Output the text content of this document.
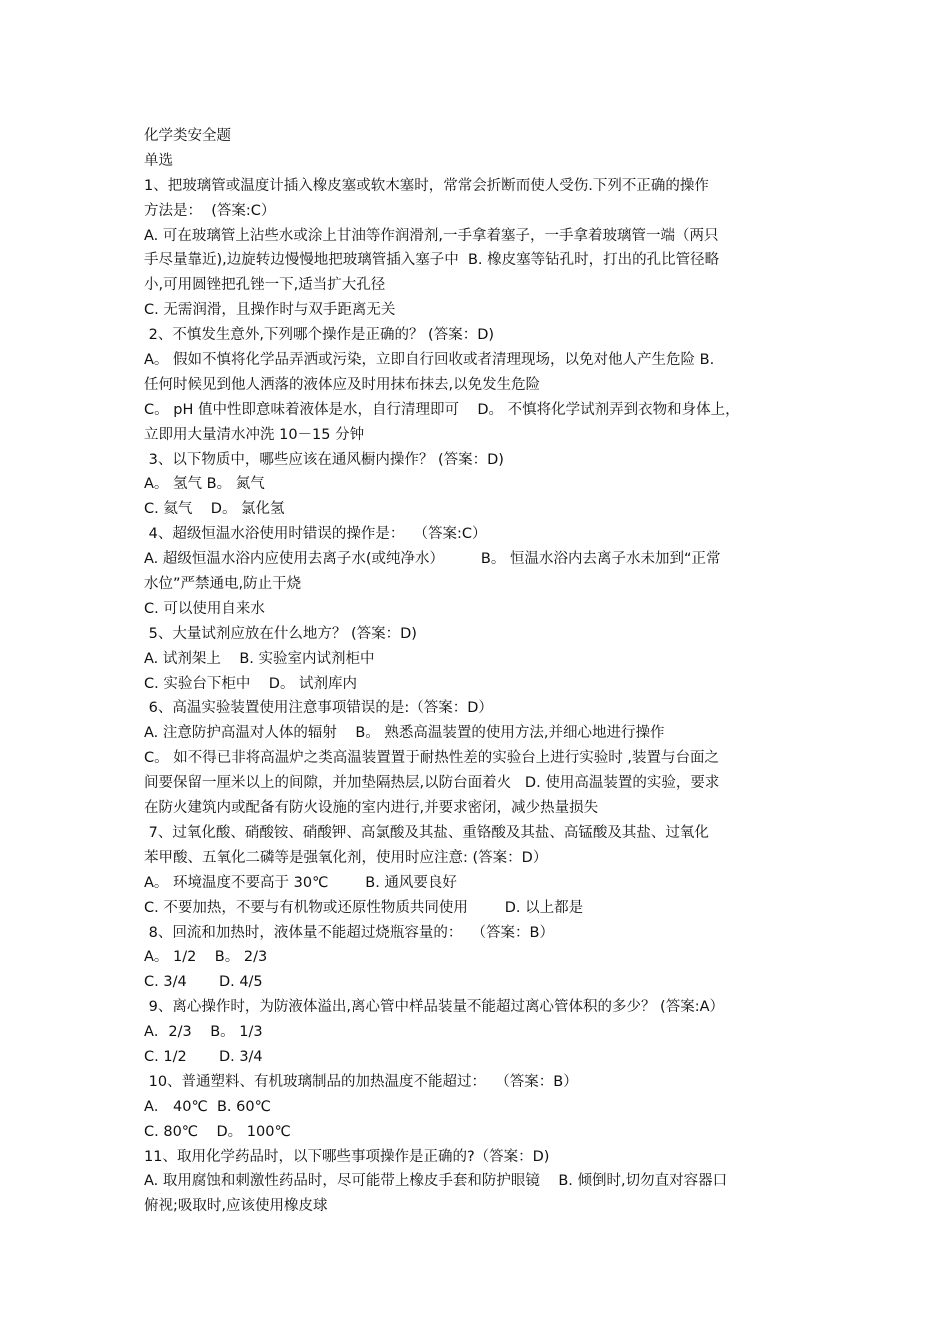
化学类安全题
单选
1、把玻璃管或温度计插入橡皮塞或软木塞时，常常会折断而使人受伤.下列不正确的操作
方法是：  (答案:C）
A. 可在玻璃管上沾些水或涂上甘油等作润滑剂,一手拿着塞子，一手拿着玻璃管一端（两只
手尽量靠近),边旋转边慢慢地把玻璃管插入塞子中  B. 橡皮塞等钻孔时，打出的孔比管径略
小,可用圆锉把孔锉一下,适当扩大孔径
C. 无需润滑，且操作时与双手距离无关
2、不慎发生意外,下列哪个操作是正确的？ (答案：D)
A。 假如不慎将化学品弄洒或污染，立即自行回收或者清理现场，以免对他人产生危险 B.
任何时候见到他人洒落的液体应及时用抹布抹去,以免发生危险
C。 pH 值中性即意味着液体是水，自行清理即可    D。 不慎将化学试剂弄到衣物和身体上，
立即用大量清水冲洗 10－15 分钟
3、以下物质中，哪些应该在通风橱内操作？ (答案：D)
A。 氢气 B。 氮气
C. 氦气    D。 氯化氢
4、超级恒温水浴使用时错误的操作是：  （答案:C）
A. 超级恒温水浴内应使用去离子水(或纯净水）        B。 恒温水浴内去离子水未加到“正常
水位”严禁通电,防止干烧
C. 可以使用自来水
5、大量试剂应放在什么地方？ (答案：D)
A. 试剂架上    B. 实验室内试剂柜中
C. 实验台下柜中    D。 试剂库内
6、高温实验装置使用注意事项错误的是:（答案：D）
A. 注意防护高温对人体的辐射    B。 熟悉高温装置的使用方法,并细心地进行操作
C。 如不得已非将高温炉之类高温装置置于耐热性差的实验台上进行实验时 ,装置与台面之
间要保留一厘米以上的间隙，并加垫隔热层,以防台面着火   D. 使用高温装置的实验，要求
在防火建筑内或配备有防火设施的室内进行,并要求密闭，减少热量损失
7、过氧化酸、硝酸铵、硝酸钾、高氯酸及其盐、重铬酸及其盐、高锰酸及其盐、过氧化
苯甲酸、五氧化二磷等是强氧化剂，使用时应注意: (答案：D）
A。 环境温度不要高于 30℃        B. 通风要良好
C. 不要加热，不要与有机物或还原性物质共同使用        D. 以上都是
8、回流和加热时，液体量不能超过烧瓶容量的：  （答案：B）
A。 1/2    B。 2/3
C. 3/4       D. 4/5
9、离心操作时，为防液体溢出,离心管中样品装量不能超过离心管体积的多少？ (答案:A）
A．2/3    B。 1/3
C. 1/2       D. 3/4
10、普通塑料、有机玻璃制品的加热温度不能超过：  （答案：B）
A． 40℃  B. 60℃
C. 80℃    D。 100℃
11、取用化学药品时，以下哪些事项操作是正确的?（答案：D)
A. 取用腐蚀和刺激性药品时，尽可能带上橡皮手套和防护眼镜    B. 倾倒时,切勿直对容器口
俯视;吸取时,应该使用橡皮球
